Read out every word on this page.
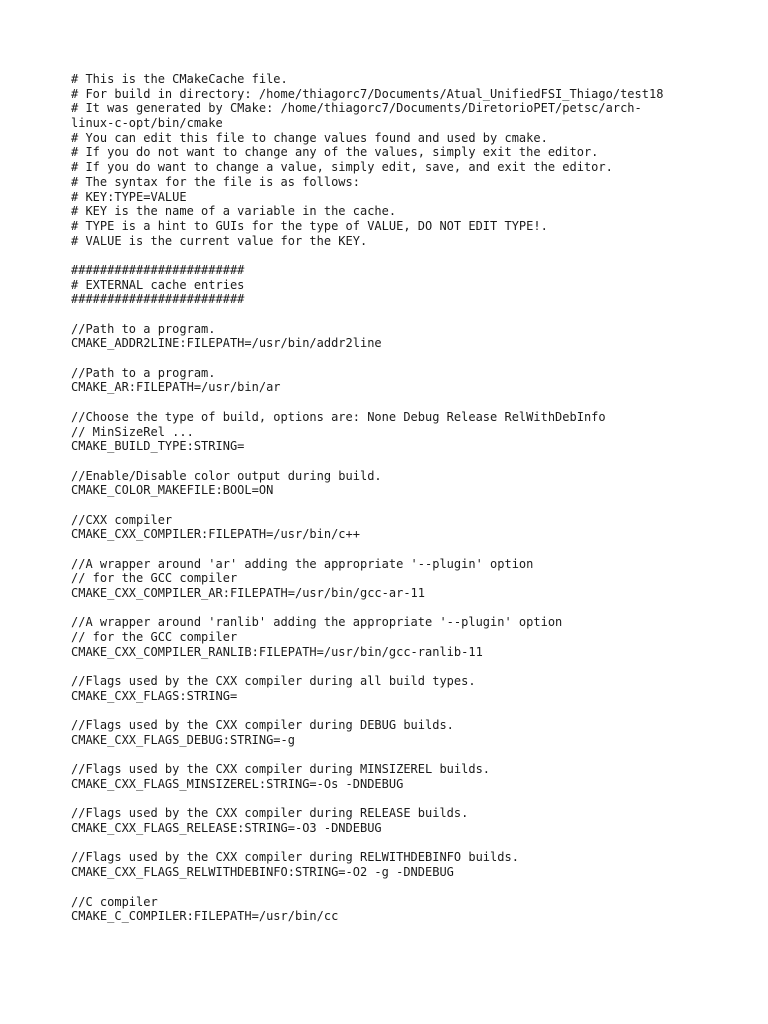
# This is the CMakeCache file.
# For build in directory: /home/thiagorc7/Documents/Atual_UnifiedFSI_Thiago/test18
# It was generated by CMake: /home/thiagorc7/Documents/DiretorioPET/petsc/arch-
linux-c-opt/bin/cmake
# You can edit this file to change values found and used by cmake.
# If you do not want to change any of the values, simply exit the editor.
# If you do want to change a value, simply edit, save, and exit the editor.
# The syntax for the file is as follows:
# KEY:TYPE=VALUE
# KEY is the name of a variable in the cache.
# TYPE is a hint to GUIs for the type of VALUE, DO NOT EDIT TYPE!.
# VALUE is the current value for the KEY.
########################
# EXTERNAL cache entries
########################
//Path to a program.
CMAKE_ADDR2LINE:FILEPATH=/usr/bin/addr2line
//Path to a program.
CMAKE_AR:FILEPATH=/usr/bin/ar
//Choose the type of build, options are: None Debug Release RelWithDebInfo
// MinSizeRel ...
CMAKE_BUILD_TYPE:STRING=
//Enable/Disable color output during build.
CMAKE_COLOR_MAKEFILE:BOOL=ON
//CXX compiler
CMAKE_CXX_COMPILER:FILEPATH=/usr/bin/c++
//A wrapper around 'ar' adding the appropriate '--plugin' option
// for the GCC compiler
CMAKE_CXX_COMPILER_AR:FILEPATH=/usr/bin/gcc-ar-11
//A wrapper around 'ranlib' adding the appropriate '--plugin' option
// for the GCC compiler
CMAKE_CXX_COMPILER_RANLIB:FILEPATH=/usr/bin/gcc-ranlib-11
//Flags used by the CXX compiler during all build types.
CMAKE_CXX_FLAGS:STRING=
//Flags used by the CXX compiler during DEBUG builds.
CMAKE_CXX_FLAGS_DEBUG:STRING=-g
//Flags used by the CXX compiler during MINSIZEREL builds.
CMAKE_CXX_FLAGS_MINSIZEREL:STRING=-Os -DNDEBUG
//Flags used by the CXX compiler during RELEASE builds.
CMAKE_CXX_FLAGS_RELEASE:STRING=-O3 -DNDEBUG
//Flags used by the CXX compiler during RELWITHDEBINFO builds.
CMAKE_CXX_FLAGS_RELWITHDEBINFO:STRING=-O2 -g -DNDEBUG
//C compiler
CMAKE_C_COMPILER:FILEPATH=/usr/bin/cc
